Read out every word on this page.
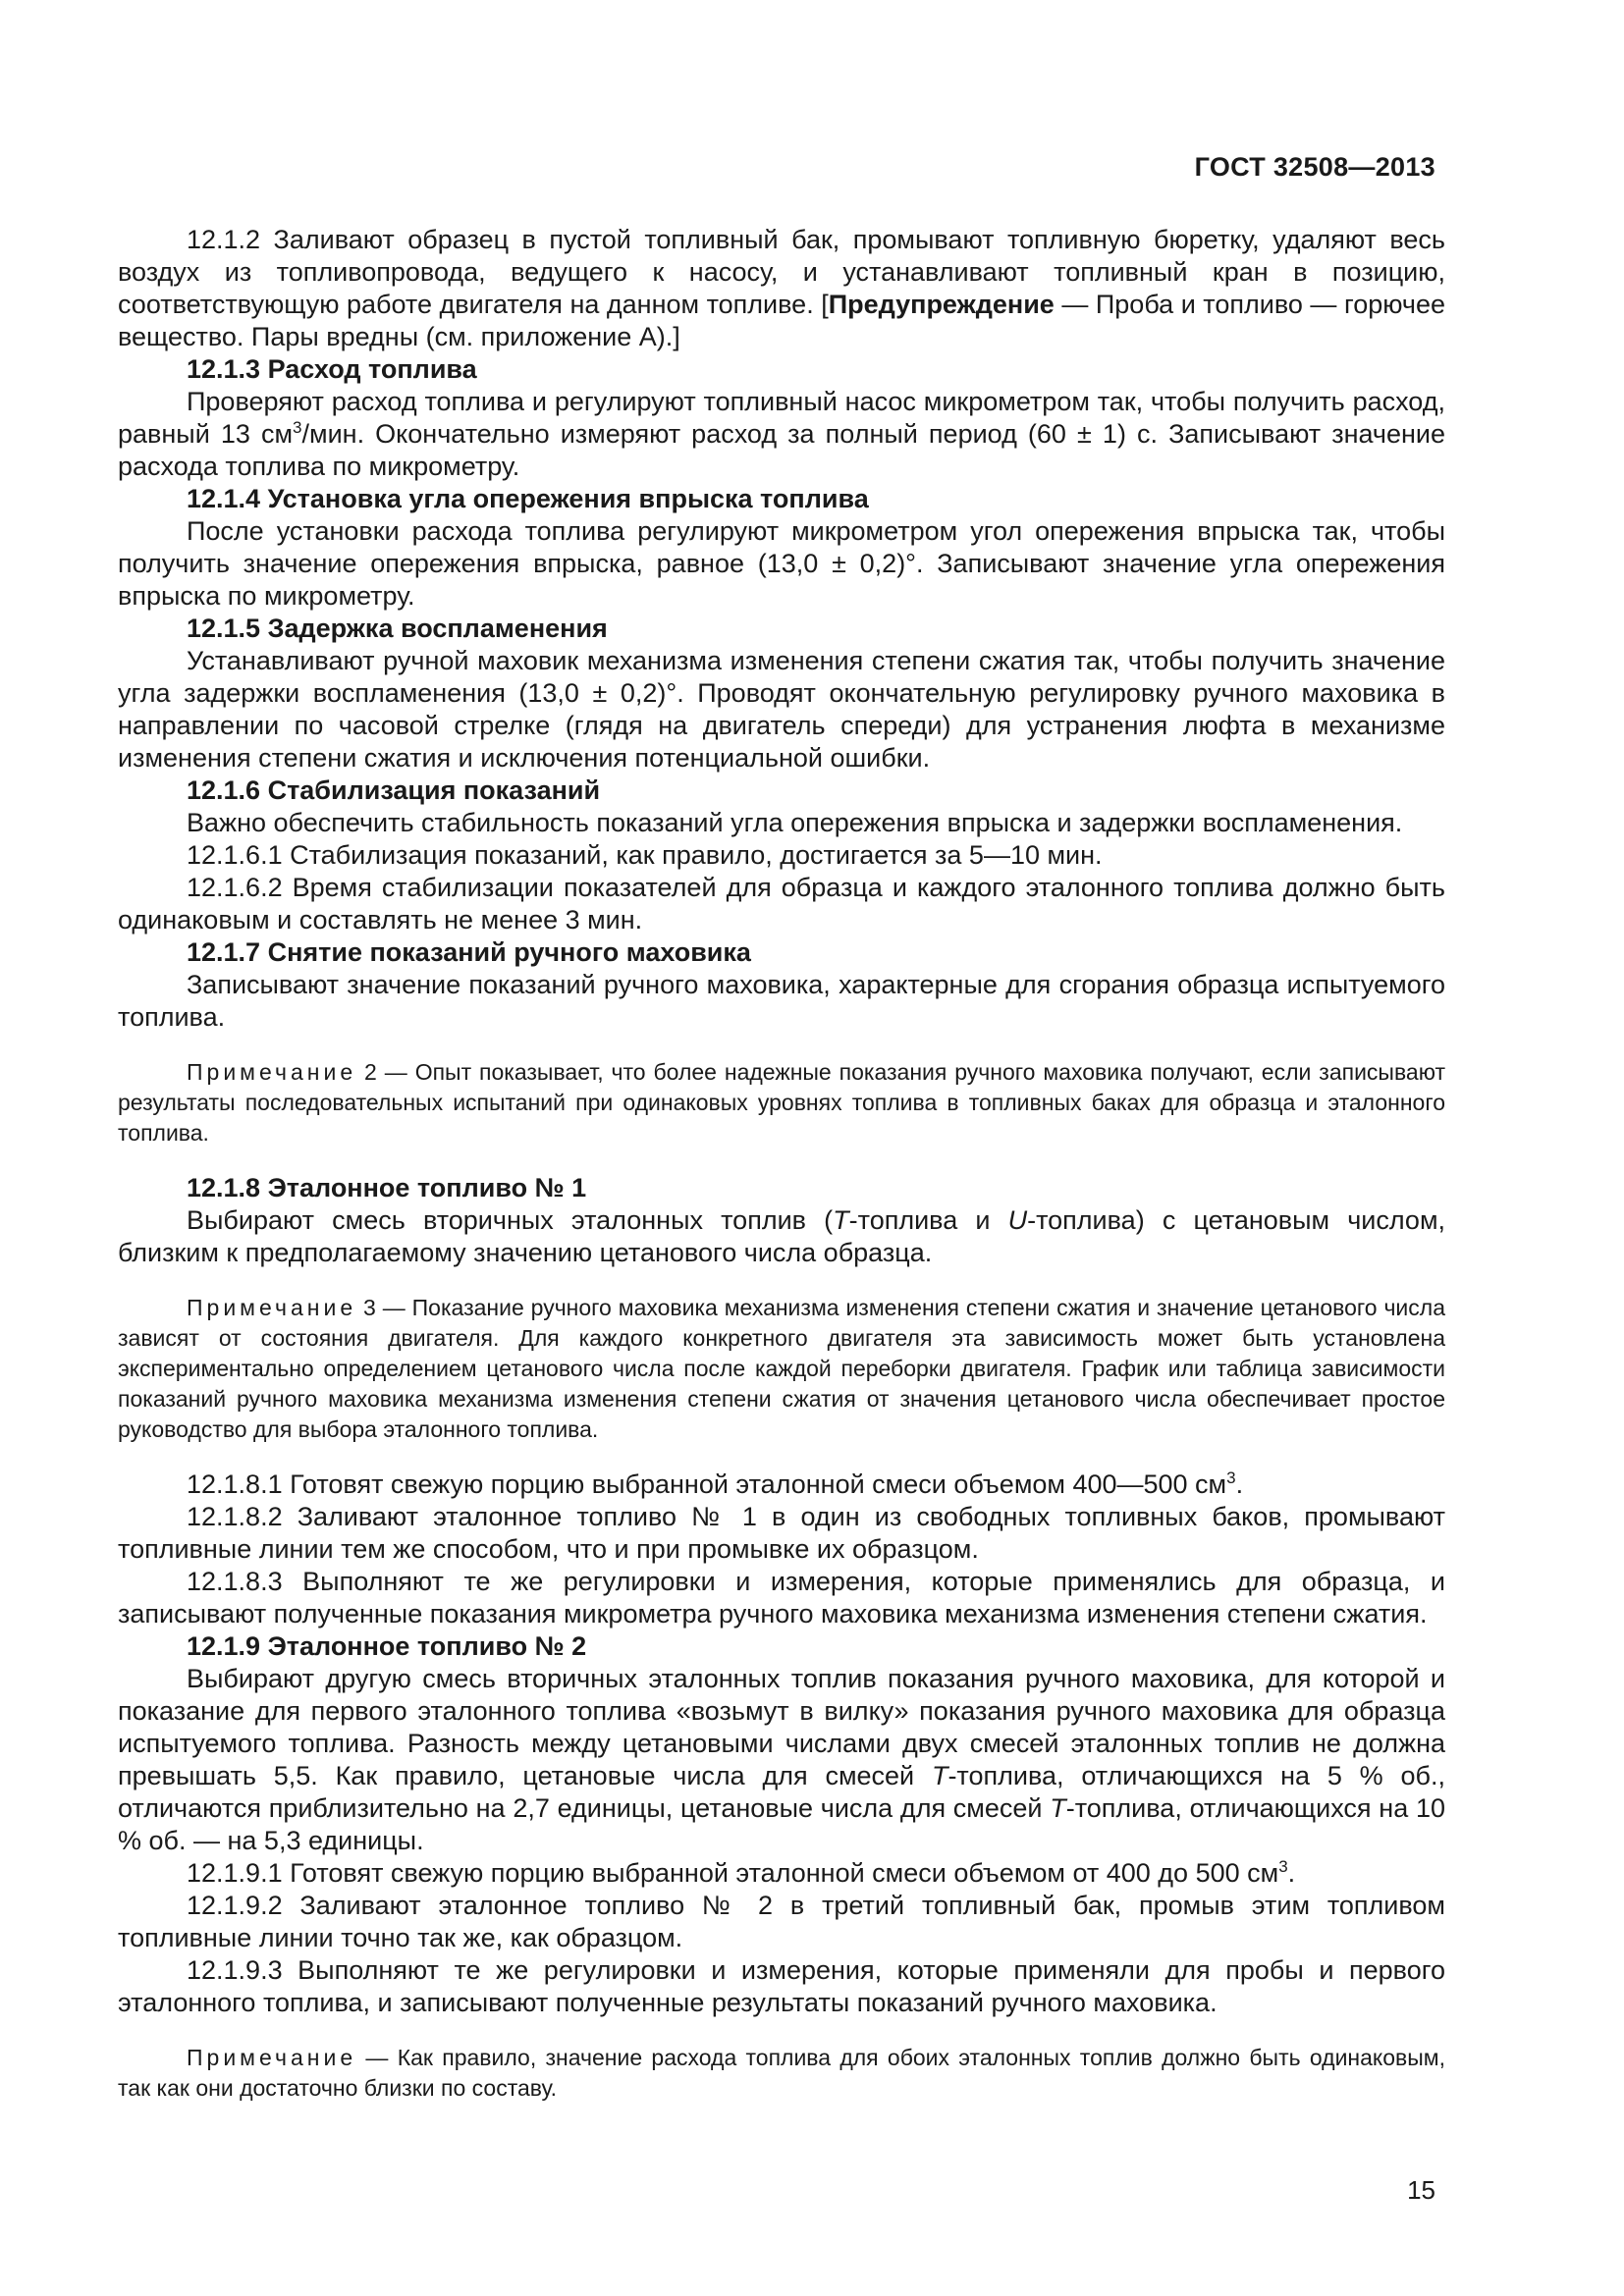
ГОСТ 32508—2013

12.1.2 Заливают образец в пустой топливный бак, промывают топливную бюретку, удаляют весь воздух из топливопровода, ведущего к насосу, и устанавливают топливный кран в позицию, соответствующую работе двигателя на данном топливе. [Предупреждение — Проба и топливо — горючее вещество. Пары вредны (см. приложение А).]

12.1.3 Расход топлива

Проверяют расход топлива и регулируют топливный насос микрометром так, чтобы получить расход, равный 13 $см^3$/мин. Окончательно измеряют расход за полный период (60 ± 1) с. Записывают значение расхода топлива по микрометру.

12.1.4 Установка угла опережения впрыска топлива

После установки расхода топлива регулируют микрометром угол опережения впрыска так, чтобы получить значение опережения впрыска, равное (13,0 ± 0,2)°. Записывают значение угла опережения впрыска по микрометру.

12.1.5 Задержка воспламенения

Устанавливают ручной маховик механизма изменения степени сжатия так, чтобы получить значение угла задержки воспламенения (13,0 ± 0,2)°. Проводят окончательную регулировку ручного маховика в направлении по часовой стрелке (глядя на двигатель спереди) для устранения люфта в механизме изменения степени сжатия и исключения потенциальной ошибки.

12.1.6 Стабилизация показаний

Важно обеспечить стабильность показаний угла опережения впрыска и задержки воспламенения.

12.1.6.1 Стабилизация показаний, как правило, достигается за 5—10 мин.

12.1.6.2 Время стабилизации показателей для образца и каждого эталонного топлива должно быть одинаковым и составлять не менее 3 мин.

12.1.7 Снятие показаний ручного маховика

Записывают значение показаний ручного маховика, характерные для сгорания образца испытуемого топлива.

Примечание 2 — Опыт показывает, что более надежные показания ручного маховика получают, если записывают результаты последовательных испытаний при одинаковых уровнях топлива в топливных баках для образца и эталонного топлива.

12.1.8 Эталонное топливо № 1

Выбирают смесь вторичных эталонных топлив (Т-топлива и U-топлива) с цетановым числом, близким к предполагаемому значению цетанового числа образца.

Примечание 3 — Показание ручного маховика механизма изменения степени сжатия и значение цетанового числа зависят от состояния двигателя. Для каждого конкретного двигателя эта зависимость может быть установлена экспериментально определением цетанового числа после каждой переборки двигателя. График или таблица зависимости показаний ручного маховика механизма изменения степени сжатия от значения цетанового числа обеспечивает простое руководство для выбора эталонного топлива.

12.1.8.1 Готовят свежую порцию выбранной эталонной смеси объемом 400—500 $см^3$.

12.1.8.2 Заливают эталонное топливо № 1 в один из свободных топливных баков, промывают топливные линии тем же способом, что и при промывке их образцом.

12.1.8.3 Выполняют те же регулировки и измерения, которые применялись для образца, и записывают полученные показания микрометра ручного маховика механизма изменения степени сжатия.

12.1.9 Эталонное топливо № 2

Выбирают другую смесь вторичных эталонных топлив показания ручного маховика, для которой и показание для первого эталонного топлива «возьмут в вилку» показания ручного маховика для образца испытуемого топлива. Разность между цетановыми числами двух смесей эталонных топлив не должна превышать 5,5. Как правило, цетановые числа для смесей Т-топлива, отличающихся на 5 % об., отличаются приблизительно на 2,7 единицы, цетановые числа для смесей Т-топлива, отличающихся на 10 % об. — на 5,3 единицы.

12.1.9.1 Готовят свежую порцию выбранной эталонной смеси объемом от 400 до 500 $см^3$.

12.1.9.2 Заливают эталонное топливо № 2 в третий топливный бак, промыв этим топливом топливные линии точно так же, как образцом.

12.1.9.3 Выполняют те же регулировки и измерения, которые применяли для пробы и первого эталонного топлива, и записывают полученные результаты показаний ручного маховика.

Примечание — Как правило, значение расхода топлива для обоих эталонных топлив должно быть одинаковым, так как они достаточно близки по составу.

15
